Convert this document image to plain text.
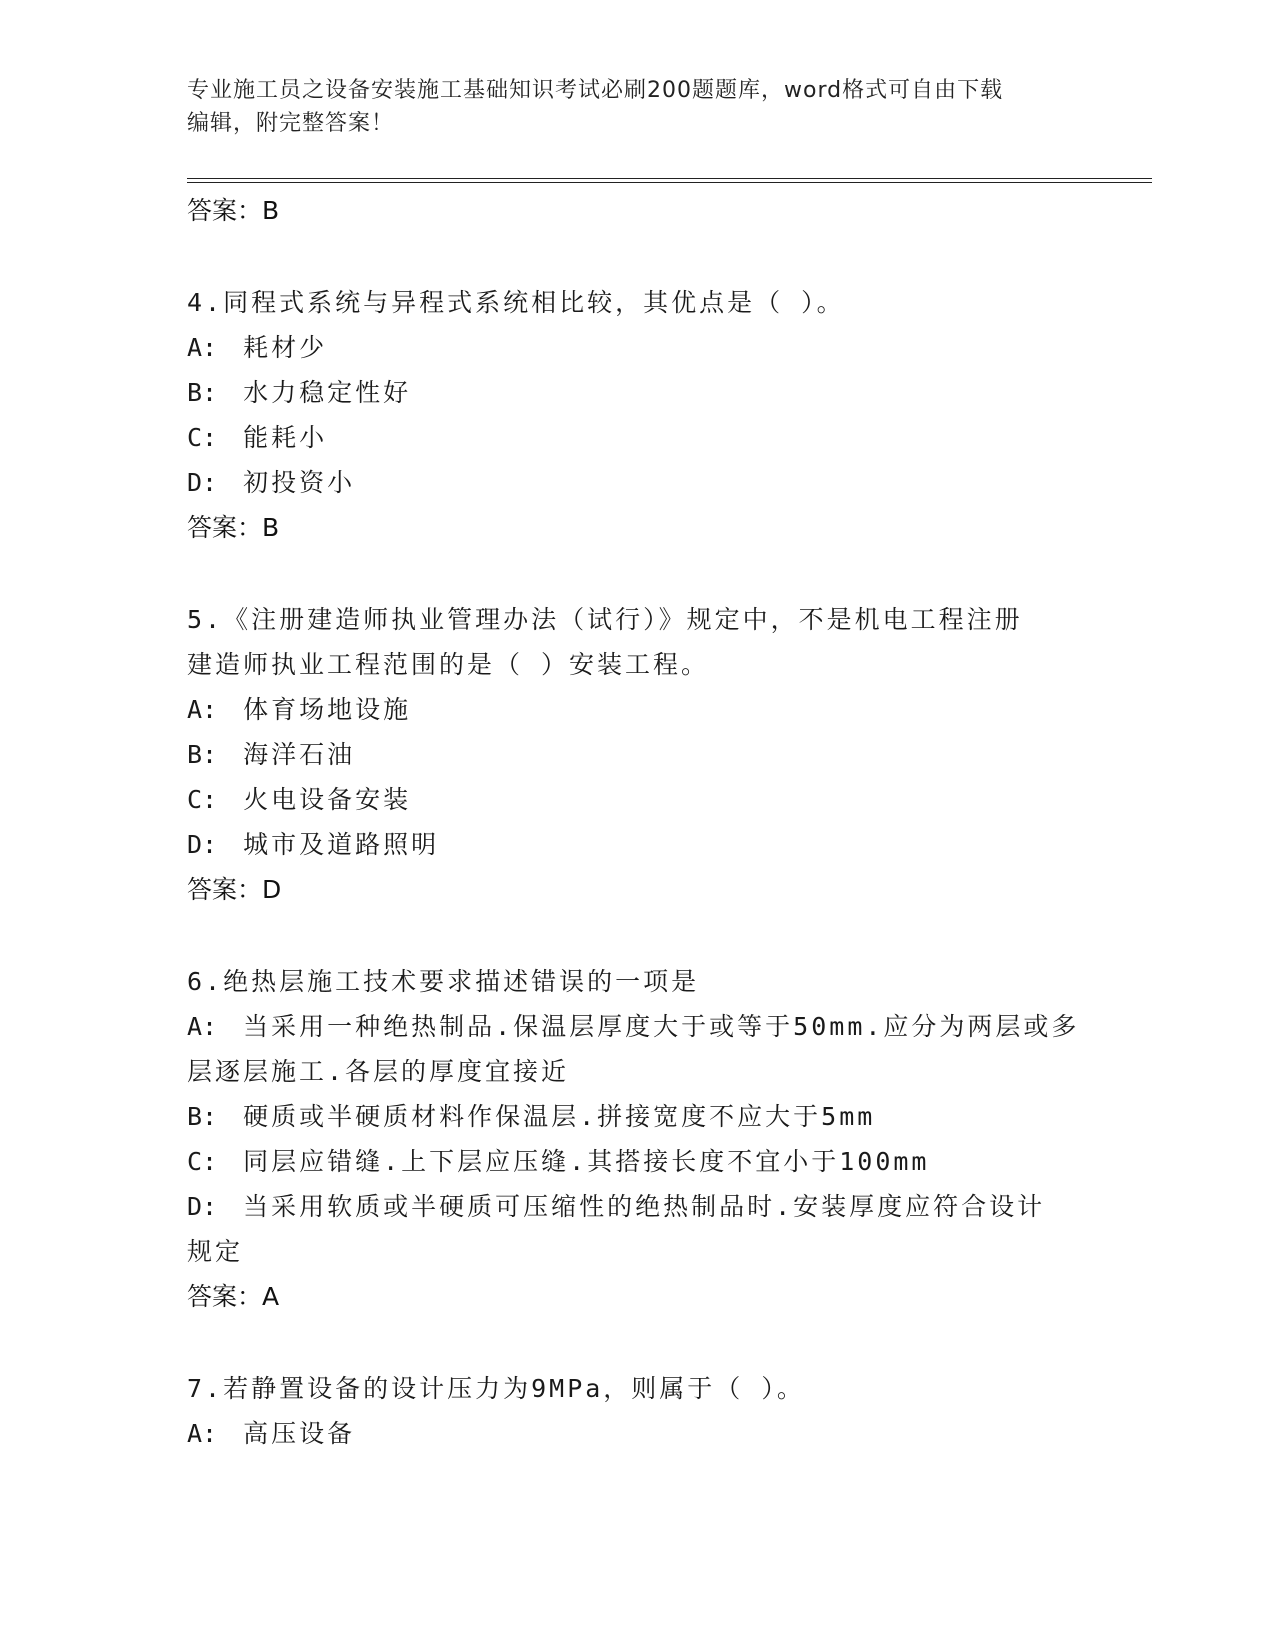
专业施工员之设备安装施工基础知识考试必刷200题题库，word格式可自由下载
编辑，附完整答案！
答案：B
4.同程式系统与异程式系统相比较，其优点是（ ）。
A: 耗材少
B: 水力稳定性好
C: 能耗小
D: 初投资小
答案：B
5.《注册建造师执业管理办法（试行）》规定中，不是机电工程注册
建造师执业工程范围的是（ ）安装工程。
A: 体育场地设施
B: 海洋石油
C: 火电设备安装
D: 城市及道路照明
答案：D
6.绝热层施工技术要求描述错误的一项是
A: 当采用一种绝热制品.保温层厚度大于或等于50mm.应分为两层或多
层逐层施工.各层的厚度宜接近
B: 硬质或半硬质材料作保温层.拼接宽度不应大于5mm
C: 同层应错缝.上下层应压缝.其搭接长度不宜小于100mm
D: 当采用软质或半硬质可压缩性的绝热制品时.安装厚度应符合设计
规定
答案：A
7.若静置设备的设计压力为9MPa，则属于（ ）。
A: 高压设备
